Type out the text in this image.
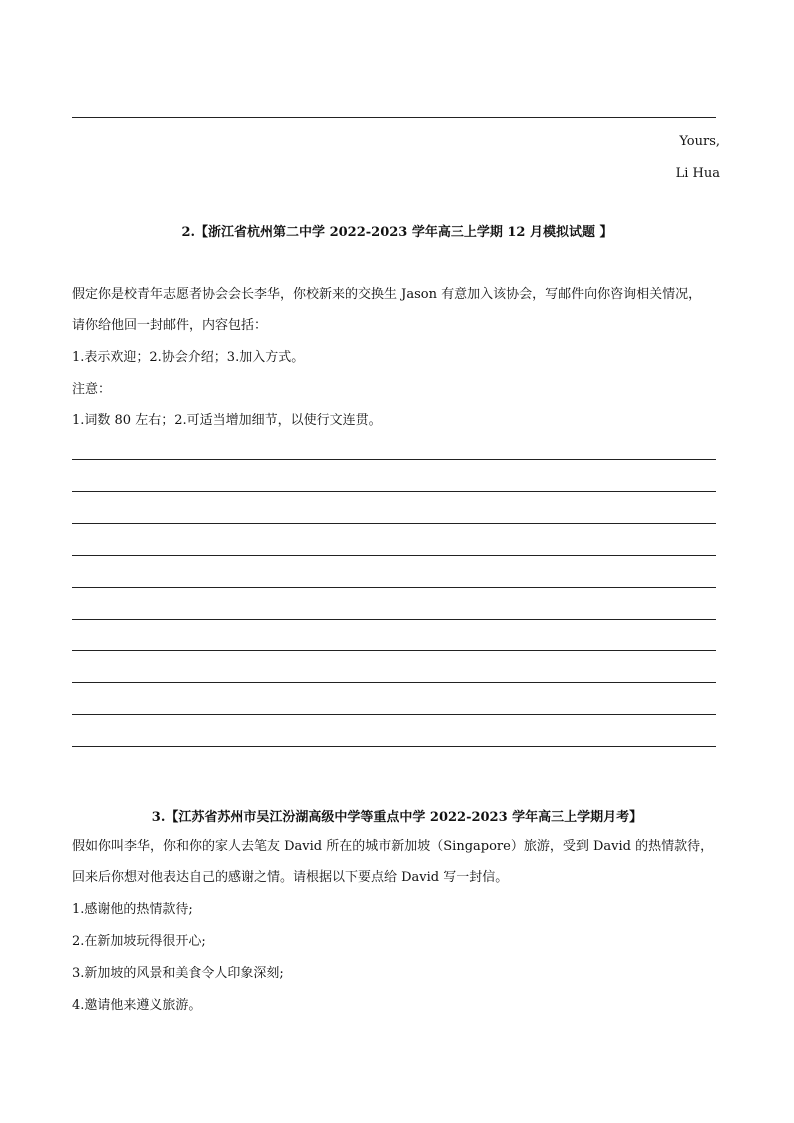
Yours,
Li Hua
2.【浙江省杭州第二中学 2022-2023 学年高三上学期 12 月模拟试题 】
假定你是校青年志愿者协会会长李华，你校新来的交换生 Jason 有意加入该协会，写邮件向你咨询相关情况，
请你给他回一封邮件，内容包括：
1.表示欢迎；2.协会介绍；3.加入方式。
注意：
1.词数 80 左右；2.可适当增加细节，以使行文连贯。
3.【江苏省苏州市吴江汾湖高级中学等重点中学 2022-2023 学年高三上学期月考】
假如你叫李华，你和你的家人去笔友 David 所在的城市新加坡（Singapore）旅游，受到 David 的热情款待，
回来后你想对他表达自己的感谢之情。请根据以下要点给 David 写一封信。
1.感谢他的热情款待;
2.在新加坡玩得很开心;
3.新加坡的风景和美食令人印象深刻;
4.邀请他来遵义旅游。
